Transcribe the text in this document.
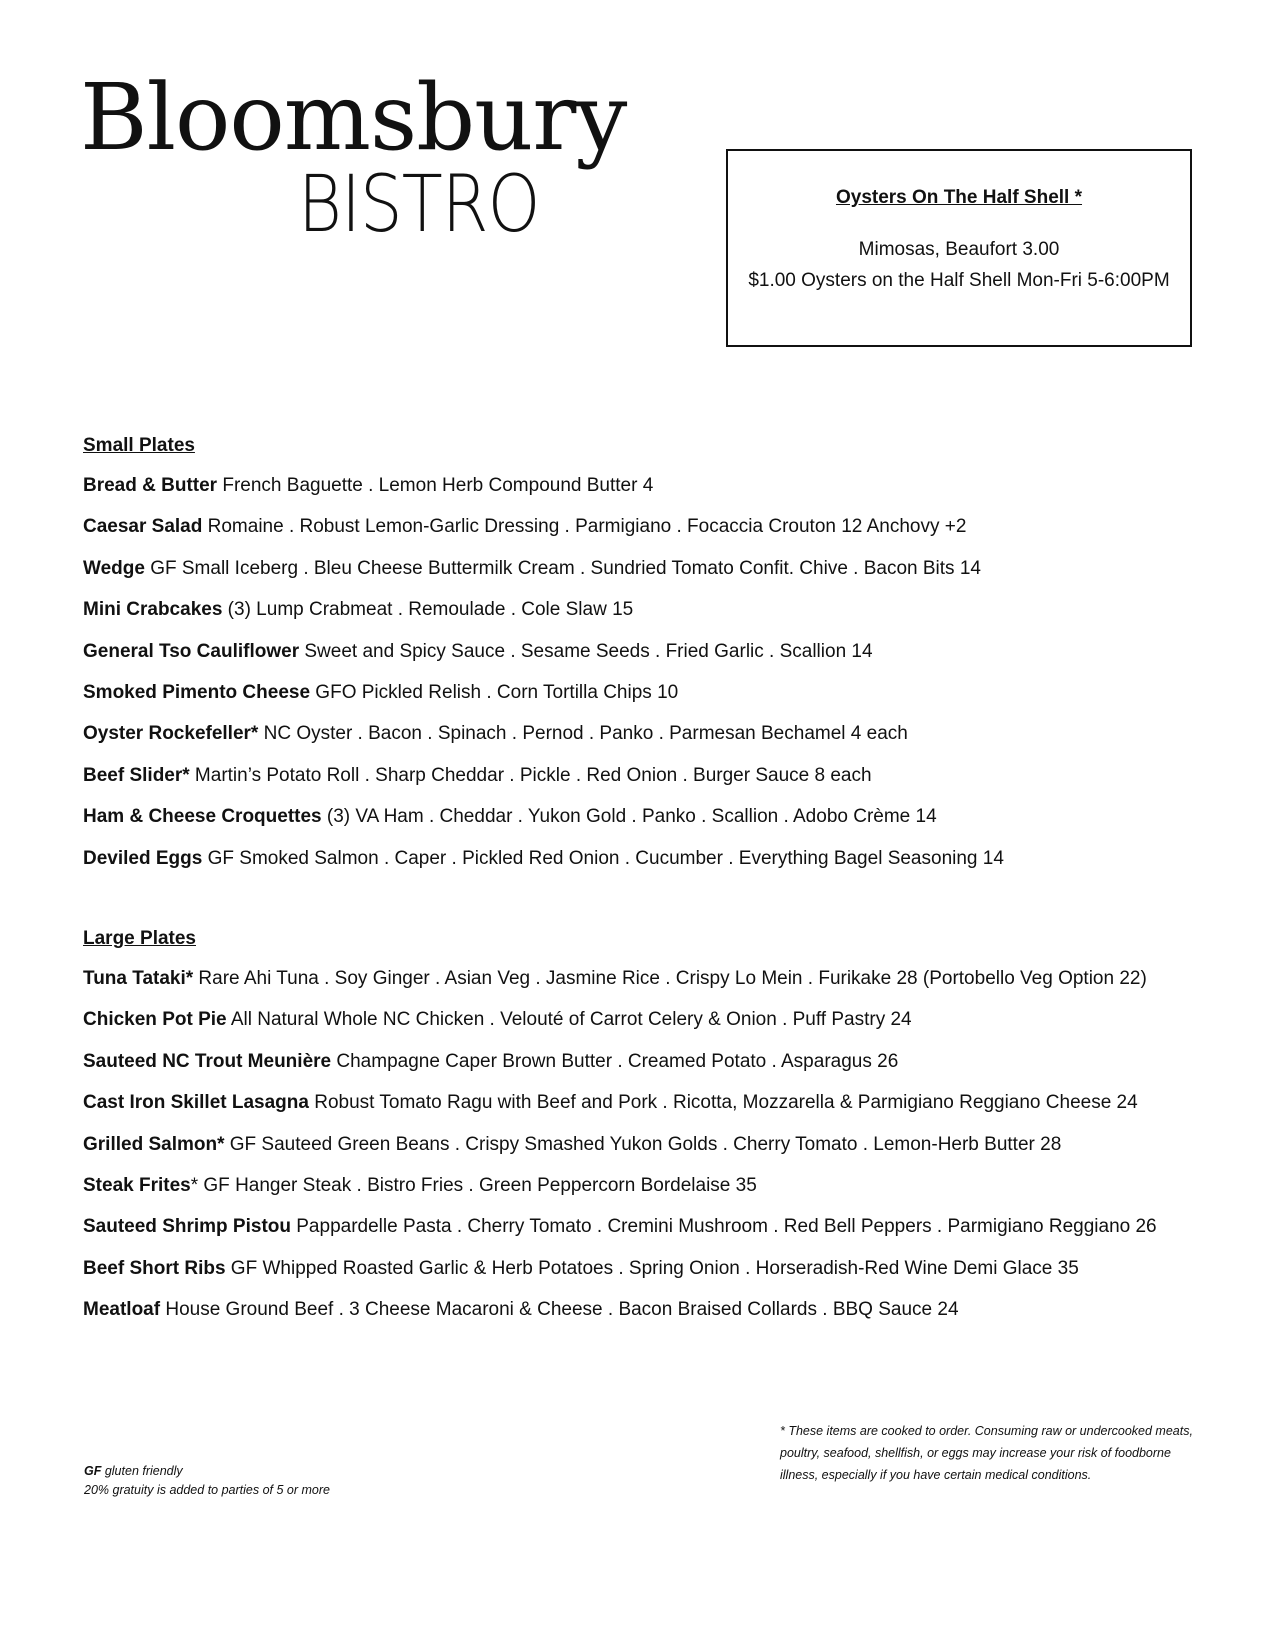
Bloomsbury
BISTRO	Oysters On The Half Shell *
Mimosas, Beaufort 3.00
$1.00 Oysters on the Half Shell Mon-Fri 5-6:00PM
Small Plates
Bread & Butter French Baguette . Lemon Herb Compound Butter 4
Caesar Salad Romaine . Robust Lemon-Garlic Dressing . Parmigiano . Focaccia Crouton 12 Anchovy +2
Wedge GF Small Iceberg . Bleu Cheese Buttermilk Cream . Sundried Tomato Confit. Chive . Bacon Bits 14
Mini Crabcakes (3) Lump Crabmeat . Remoulade . Cole Slaw 15
General Tso Cauliflower Sweet and Spicy Sauce . Sesame Seeds . Fried Garlic . Scallion 14
Smoked Pimento Cheese GFO Pickled Relish . Corn Tortilla Chips 10
Oyster Rockefeller* NC Oyster . Bacon . Spinach . Pernod . Panko . Parmesan Bechamel 4 each
Beef Slider* Martin’s Potato Roll . Sharp Cheddar . Pickle . Red Onion . Burger Sauce 8 each
Ham & Cheese Croquettes (3) VA Ham . Cheddar . Yukon Gold . Panko . Scallion . Adobo Crème 14
Deviled Eggs GF Smoked Salmon . Caper . Pickled Red Onion . Cucumber . Everything Bagel Seasoning 14
Large Plates
Tuna Tataki* Rare Ahi Tuna . Soy Ginger . Asian Veg . Jasmine Rice . Crispy Lo Mein . Furikake 28 (Portobello Veg Option 22)
Chicken Pot Pie All Natural Whole NC Chicken . Velouté of Carrot Celery & Onion . Puff Pastry 24
Sauteed NC Trout Meunière Champagne Caper Brown Butter . Creamed Potato . Asparagus 26
Cast Iron Skillet Lasagna Robust Tomato Ragu with Beef and Pork . Ricotta, Mozzarella & Parmigiano Reggiano Cheese 24
Grilled Salmon* GF Sauteed Green Beans . Crispy Smashed Yukon Golds . Cherry Tomato . Lemon-Herb Butter 28
Steak Frites* GF Hanger Steak . Bistro Fries . Green Peppercorn Bordelaise 35
Sauteed Shrimp Pistou Pappardelle Pasta . Cherry Tomato . Cremini Mushroom . Red Bell Peppers . Parmigiano Reggiano 26
Beef Short Ribs GF Whipped Roasted Garlic & Herb Potatoes . Spring Onion . Horseradish-Red Wine Demi Glace 35
Meatloaf House Ground Beef . 3 Cheese Macaroni & Cheese . Bacon Braised Collards . BBQ Sauce 24
GF gluten friendly
20% gratuity is added to parties of 5 or more
* These items are cooked to order. Consuming raw or undercooked meats, poultry, seafood, shellfish, or eggs may increase your risk of foodborne illness, especially if you have certain medical conditions.
